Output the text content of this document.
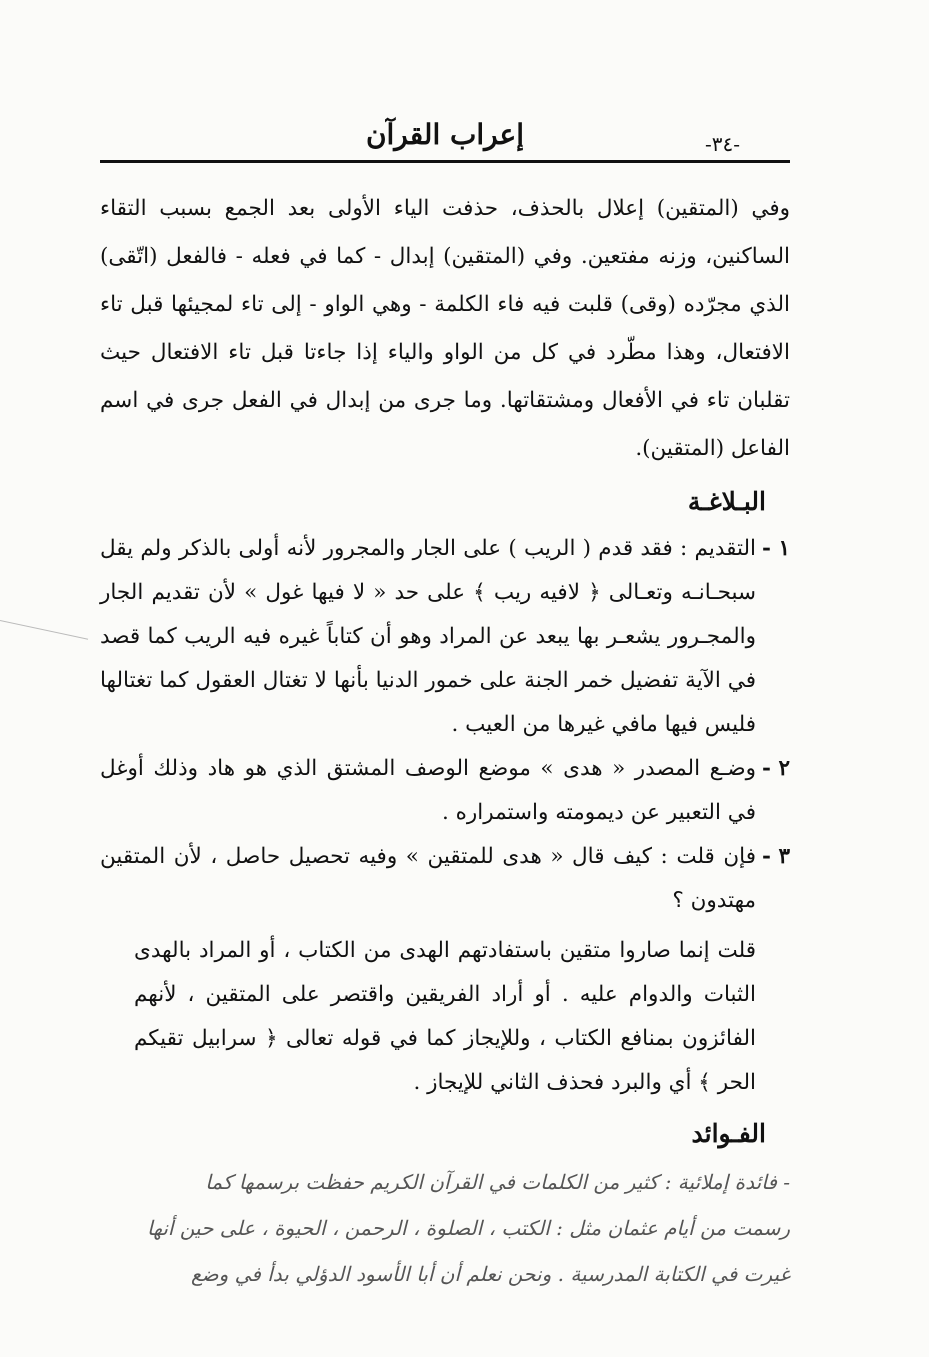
إعراب القرآن	-٣٤-

وفي (المتقين) إعلال بالحذف، حذفت الياء الأولى بعد الجمع بسبب التقاء الساكنين، وزنه مفتعين. وفي (المتقين) إبدال - كما في فعله - فالفعل (اتّقى) الذي مجرّده (وقى) قلبت فيه فاء الكلمة - وهي الواو - إلى تاء لمجيئها قبل تاء الافتعال، وهذا مطّرد في كل من الواو والياء إذا جاءتا قبل تاء الافتعال حيث تقلبان تاء في الأفعال ومشتقاتها. وما جرى من إبدال في الفعل جرى في اسم الفاعل (المتقين).

البـلاغـة

١ -
التقديم : فقد قدم ( الريب ) على الجار والمجرور لأنه أولى بالذكر ولم يقل سبحـانـه وتعـالى ﴿ لافيه ريب ﴾ على حد « لا فيها غول » لأن تقديم الجار والمجـرور يشعـر بها يبعد عن المراد وهو أن كتاباً غيره فيه الريب كما قصد في الآية تفضيل خمر الجنة على خمور الدنيا بأنها لا تغتال العقول كما تغتالها فليس فيها مافي غيرها من العيب .

٢ -
وضـع المصدر « هدى » موضع الوصف المشتق الذي هو هاد وذلك أوغل في التعبير عن ديمومته واستمراره .

٣ -
فإن قلت : كيف قال « هدى للمتقين » وفيه تحصيل حاصل ، لأن المتقين مهتدون ؟

قلت إنما صاروا متقين باستفادتهم الهدى من الكتاب ، أو المراد بالهدى الثبات والدوام عليه . أو أراد الفريقين واقتصر على المتقين ، لأنهم الفائزون بمنافع الكتاب ، وللإيجاز كما في قوله تعالى ﴿ سرابيل تقيكم الحر ﴾ أي والبرد فحذف الثاني للإيجاز .

الفـوائد

- فائدة إملائية : كثير من الكلمات في القرآن الكريم حفظت برسمها كما

رسمت من أيام عثمان مثل : الكتب ، الصلوة ، الرحمن ، الحيوة ، على حين أنها

غيرت في الكتابة المدرسية . ونحن نعلم أن أبا الأسود الدؤلي بدأ في وضع
